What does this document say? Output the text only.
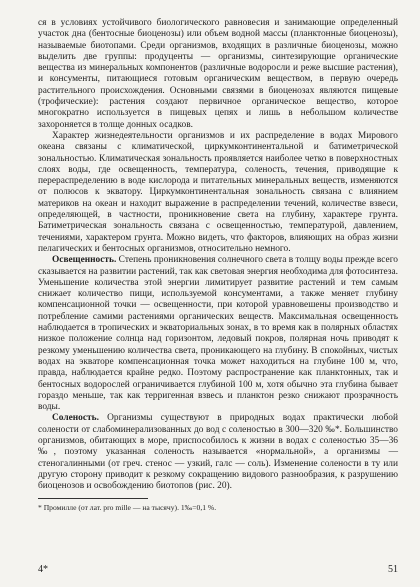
ся в условиях устойчивого биологического равновесия и занимающие определенный участок дна (бентосные биоценозы) или объем водной массы (планктонные биоценозы), называемые биотопами. Среди организмов, входящих в различные биоценозы, можно выделить две группы: продуценты — организмы, синтезирующие органические вещества из минеральных компонентов (различные водоросли и реже высшие растения), и консументы, питающиеся готовым органическим веществом, в первую очередь растительного происхождения. Основными связями в биоценозах являются пищевые (трофические): растения создают первичное органическое вещество, которое многократно используется в пищевых цепях и лишь в небольшом количестве захороняется в толще донных осадков.

Характер жизнедеятельности организмов и их распределение в водах Мирового океана связаны с климатической, циркумконтинентальной и батиметрической зональностью. Климатическая зональность проявляется наиболее четко в поверхностных слоях воды, где освещенность, температура, соленость, течения, приводящие к перераспределению в воде кислорода и питательных минеральных веществ, изменяются от полюсов к экватору. Циркумконтинентальная зональность связана с влиянием материков на океан и находит выражение в распределении течений, количестве взвеси, определяющей, в частности, проникновение света на глубину, характере грунта. Батиметрическая зональность связана с освещенностью, температурой, давлением, течениями, характером грунта. Можно видеть, что факторов, влияющих на образ жизни пелагических и бентосных организмов, относительно немного.

Освещенность. Степень проникновения солнечного света в толщу воды прежде всего сказывается на развитии растений, так как световая энергия необходима для фотосинтеза. Уменьшение количества этой энергии лимитирует развитие растений и тем самым снижает количество пищи, используемой консументами, а также меняет глубину компенсационной точки — освещенности, при которой уравновешены производство и потребление самими растениями органических веществ. Максимальная освещенность наблюдается в тропических и экваториальных зонах, в то время как в полярных областях низкое положение солнца над горизонтом, ледовый покров, полярная ночь приводят к резкому уменьшению количества света, проникающего на глубину. В спокойных, чистых водах на экваторе компенсационная точка может находиться на глубине 100 м, что, правда, наблюдается крайне редко. Поэтому распространение как планктонных, так и бентосных водорослей ограничивается глубиной 100 м, хотя обычно эта глубина бывает гораздо меньше, так как терригенная взвесь и планктон резко снижают прозрачность воды.

Соленость. Организмы существуют в природных водах практически любой солености от слабоминерализованных до вод с соленостью в 300—320 ‰*. Большинство организмов, обитающих в море, приспособилось к жизни в водах с соленостью 35—36 ‰, поэтому указанная соленость называется «нормальной», а организмы — стеногалинными (от греч. стенос — узкий, галс — соль). Изменение солености в ту или другую сторону приводит к резкому сокращению видового разнообразия, к разрушению биоценозов и освобождению биотопов (рис. 20).

* Промилле (от лат. pro mille — на тысячу). 1‰=0,1 %.

4*	51
